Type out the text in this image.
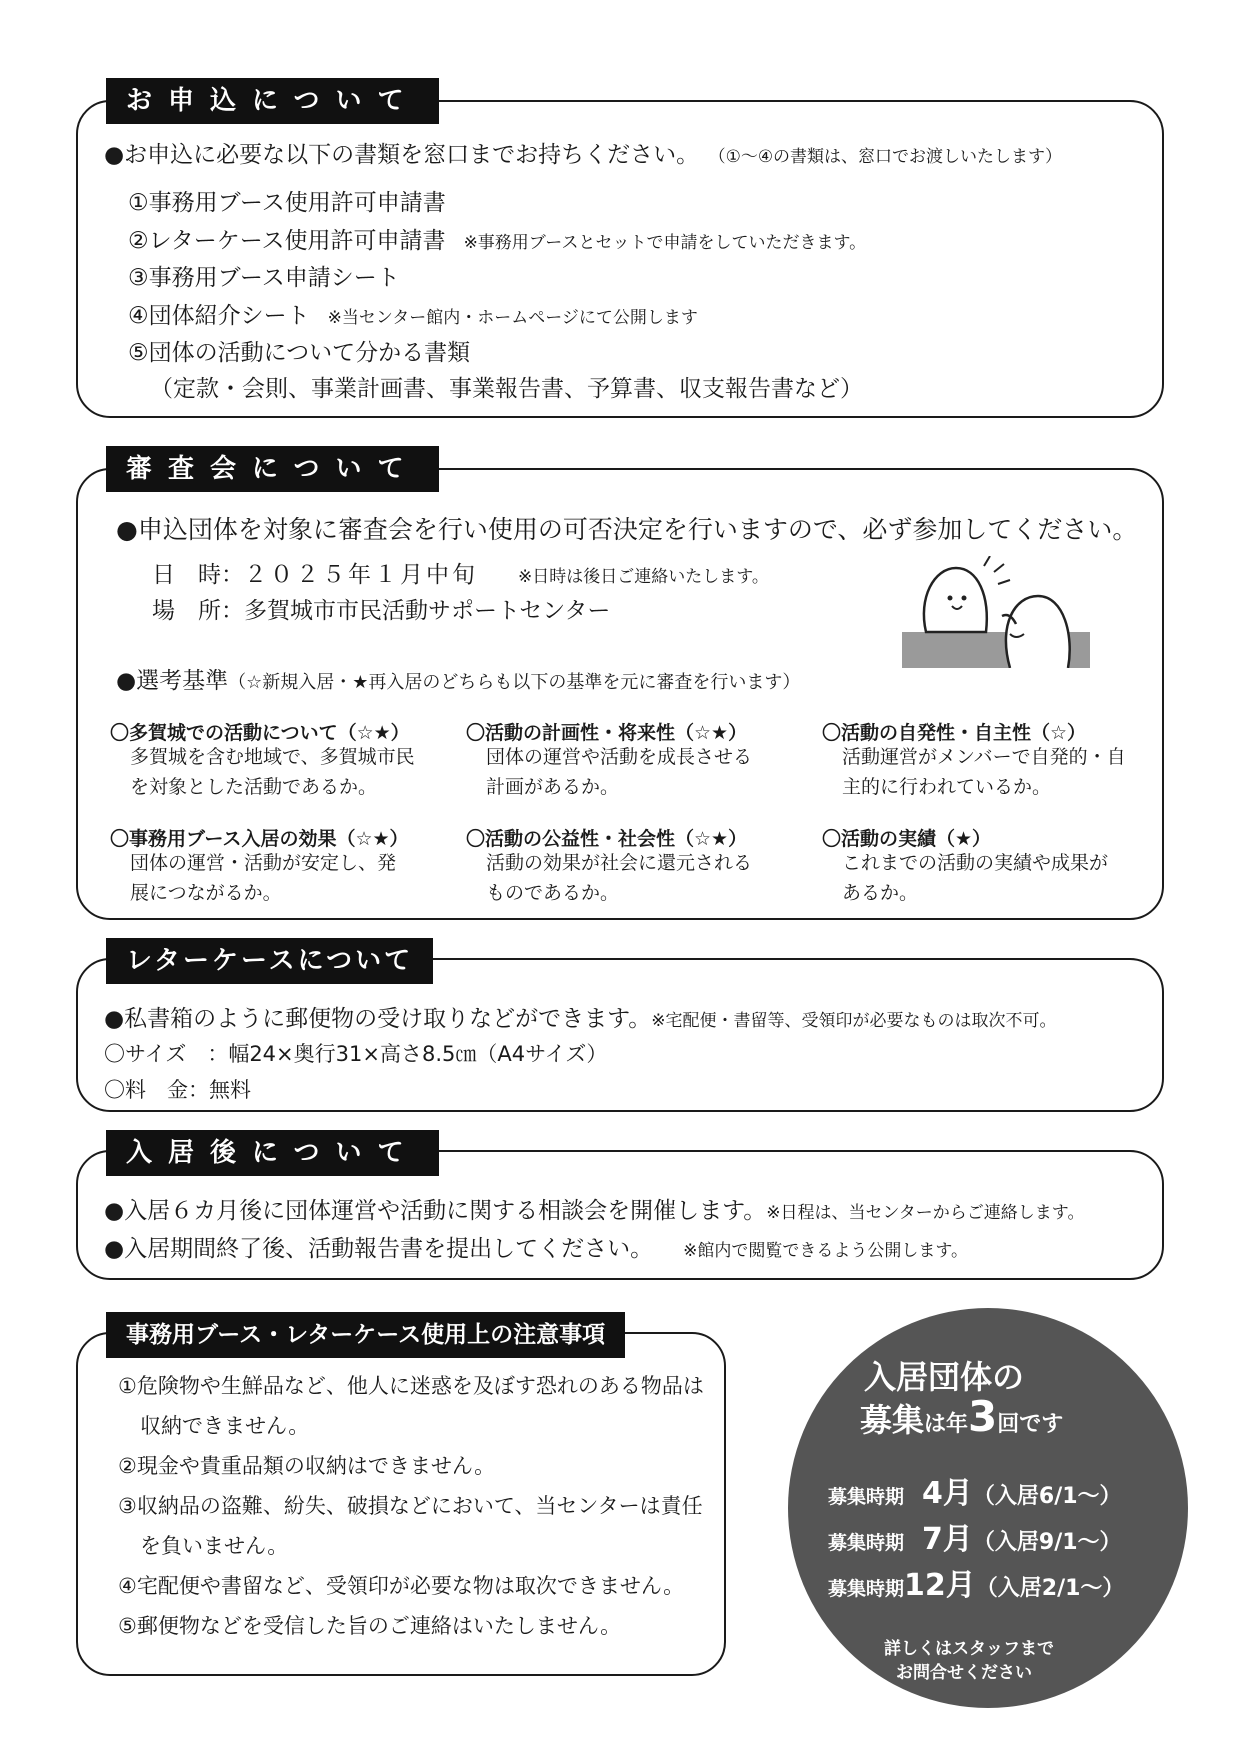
お申込について
●お申込に必要な以下の書類を窓口までお持ちください。 （①～④の書類は、窓口でお渡しいたします）
①事務用ブース使用許可申請書
②レターケース使用許可申請書 ※事務用ブースとセットで申請をしていただきます。
③事務用ブース申請シート
④団体紹介シート ※当センター館内・ホームページにて公開します
⑤団体の活動について分かる書類
（定款・会則、事業計画書、事業報告書、予算書、収支報告書など）
審査会について
●申込団体を対象に審査会を行い使用の可否決定を行いますので、必ず参加してください。
日　時：２０２５年１月中旬 ※日時は後日ご連絡いたします。
場　所：多賀城市市民活動サポートセンター
●選考基準（☆新規入居・★再入居のどちらも以下の基準を元に審査を行います）
〇多賀城での活動について（☆★）
多賀城を含む地域で、多賀城市民
を対象とした活動であるか。
〇活動の計画性・将来性（☆★）
団体の運営や活動を成長させる
計画があるか。
〇活動の自発性・自主性（☆）
活動運営がメンバーで自発的・自
主的に行われているか。
〇事務用ブース入居の効果（☆★）
団体の運営・活動が安定し、発
展につながるか。
〇活動の公益性・社会性（☆★）
活動の効果が社会に還元される
ものであるか。
〇活動の実績（★）
これまでの活動の実績や成果が
あるか。
レターケースについて
●私書箱のように郵便物の受け取りなどができます。※宅配便・書留等、受領印が必要なものは取次不可。
〇サイズ　：幅24×奥行31×高さ8.5㎝（A4サイズ）
〇料　金：無料
入居後について
●入居６カ月後に団体運営や活動に関する相談会を開催します。※日程は、当センターからご連絡します。
●入居期間終了後、活動報告書を提出してください。 ※館内で閲覧できるよう公開します。
事務用ブース・レターケース使用上の注意事項
①危険物や生鮮品など、他人に迷惑を及ぼす恐れのある物品は
収納できません。
②現金や貴重品類の収納はできません。
③収納品の盗難、紛失、破損などにおいて、当センターは責任
を負いません。
④宅配便や書留など、受領印が必要な物は取次できません。
⑤郵便物などを受信した旨のご連絡はいたしません。
入居団体の
募集は年3回です
募集時期 4月（入居6/1～）
募集時期 7月（入居9/1～）
募集時期12月（入居2/1～）
詳しくはスタッフまで
お問合せください
